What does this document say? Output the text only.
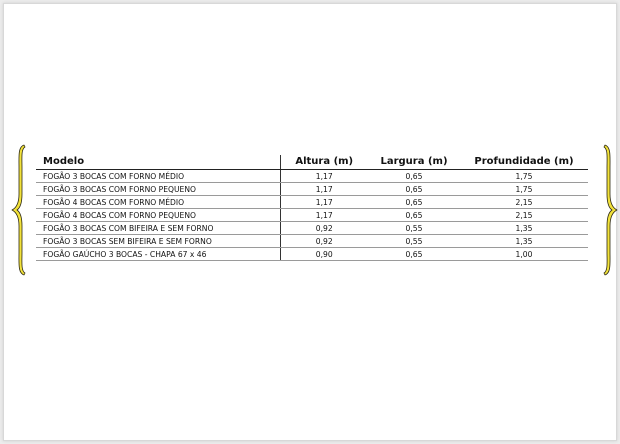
Modelo	Altura (m)	Largura (m)	Profundidade (m)
FOGÃO 3 BOCAS COM FORNO MÉDIO	1,17	0,65	1,75
FOGÃO 3 BOCAS COM FORNO PEQUENO	1,17	0,65	1,75
FOGÃO 4 BOCAS COM FORNO MÉDIO	1,17	0,65	2,15
FOGÃO 4 BOCAS COM FORNO PEQUENO	1,17	0,65	2,15
FOGÃO 3 BOCAS COM BIFEIRA E SEM FORNO	0,92	0,55	1,35
FOGÃO 3 BOCAS SEM BIFEIRA E SEM FORNO	0,92	0,55	1,35
FOGÃO GAÚCHO 3 BOCAS - CHAPA 67 x 46	0,90	0,65	1,00
